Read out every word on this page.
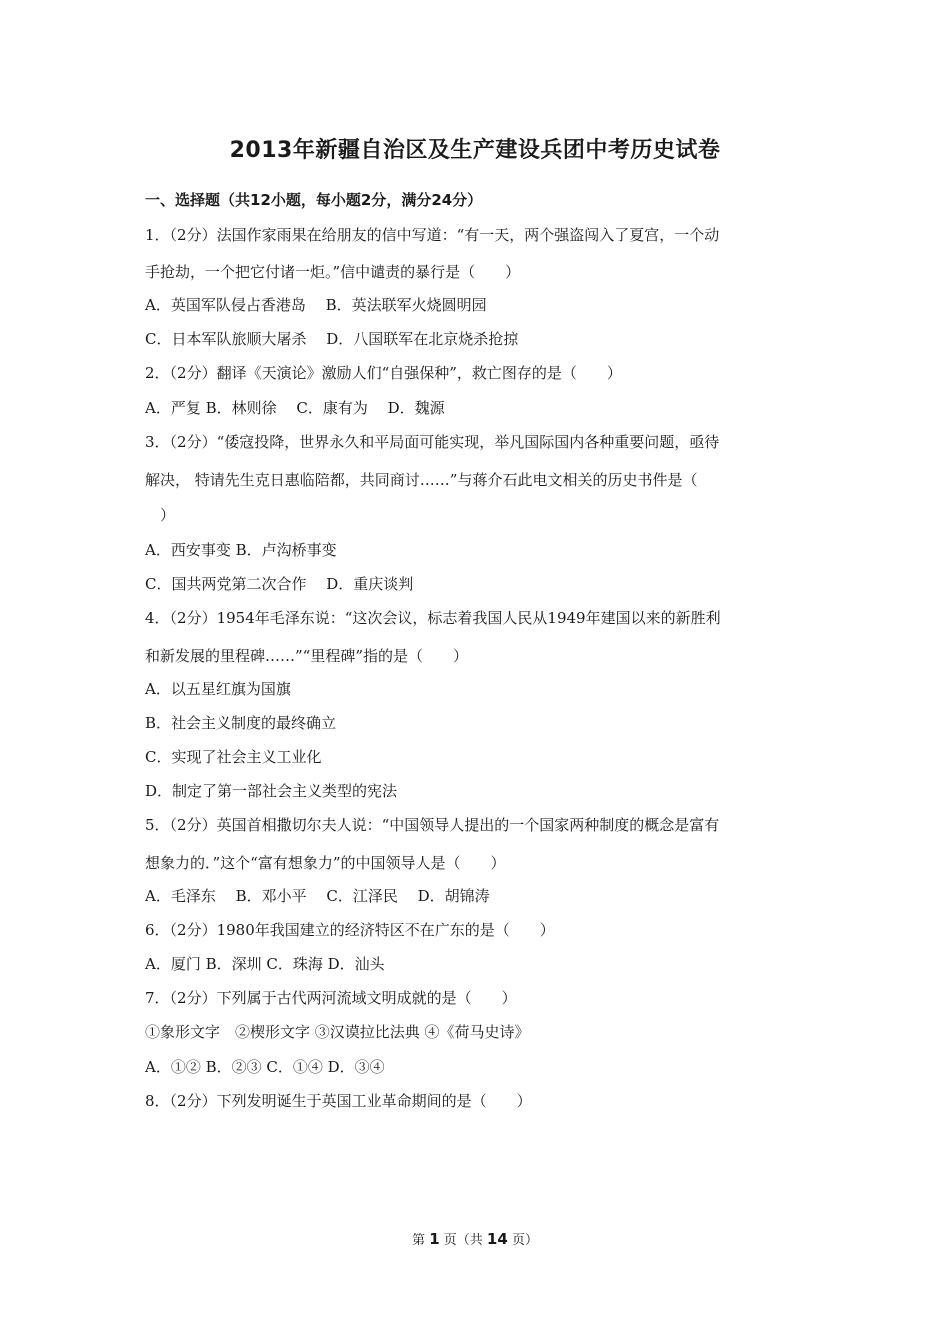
2013年新疆自治区及生产建设兵团中考历史试卷
一、选择题（共12小题，每小题2分，满分24分）
1．（2分）法国作家雨果在给朋友的信中写道：“有一天，两个强盗闯入了夏宫，一个动
手抢劫，一个把它付诸一炬。”信中谴责的暴行是（　　）
A．英国军队侵占香港岛　 B．英法联军火烧圆明园
C．日本军队旅顺大屠杀　 D．八国联军在北京烧杀抢掠
2．（2分）翻译《天演论》激励人们“自强保种”，救亡图存的是（　　）
A．严复 B．林则徐　 C．康有为　 D．魏源
3．（2分）“倭寇投降，世界永久和平局面可能实现，举凡国际国内各种重要问题，亟待
解决， 特请先生克日惠临陪都，共同商讨……”与蒋介石此电文相关的历史书件是（
）
A．西安事变 B．卢沟桥事变
C．国共两党第二次合作　 D．重庆谈判
4．（2分）1954年毛泽东说：“这次会议，标志着我国人民从1949年建国以来的新胜利
和新发展的里程碑……”“里程碑”指的是（　　）
A．以五星红旗为国旗
B．社会主义制度的最终确立
C．实现了社会主义工业化
D．制定了第一部社会主义类型的宪法
5．（2分）英国首相撒切尔夫人说：“中国领导人提出的一个国家两种制度的概念是富有
想象力的．”这个“富有想象力”的中国领导人是（　　）
A．毛泽东　 B．邓小平　 C．江泽民　 D．胡锦涛
6．（2分）1980年我国建立的经济特区不在广东的是（　　）
A．厦门 B．深圳 C．珠海 D．汕头
7．（2分）下列属于古代两河流域文明成就的是（　　）
①象形文字　②楔形文字 ③汉谟拉比法典 ④《荷马史诗》
A．①② B．②③ C．①④ D．③④
8．（2分）下列发明诞生于英国工业革命期间的是（　　）
第 1 页（共 14 页）
